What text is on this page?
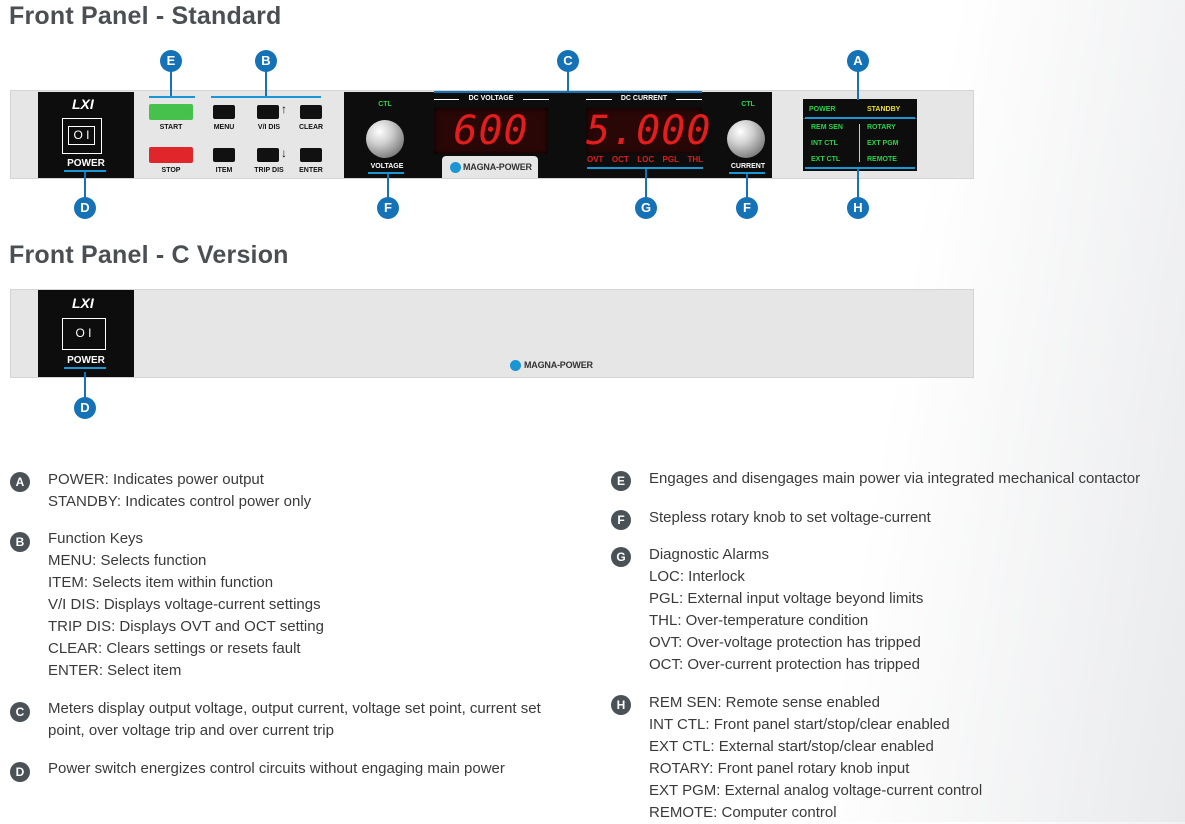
Front Panel - Standard
Front Panel - C Version
LXI
O I
POWER
START
STOP
MENU
↑
V/I DIS	CLEAR
ITEM
↓
TRIP DIS	ENTER
CTL
VOLTAGE
DC VOLTAGE
600
DC CURRENT
5.000
OVT OCT LOC PGL THL
MAGNA-POWER
CTL
CURRENT
POWER	STANDBY
REM SEN	ROTARY
INT CTL	EXT PGM
EXT CTL	REMOTE
E	B	C	A
D	F	G	F	H
LXI
O I
POWER	MAGNA-POWER
D
A	POWER: Indicates power output
STANDBY: Indicates control power only
B	Function Keys
MENU: Selects function
ITEM: Selects item within function
V/I DIS: Displays voltage-current settings
TRIP DIS: Displays OVT and OCT setting
CLEAR: Clears settings or resets fault
ENTER: Select item
C	Meters display output voltage, output current, voltage set point, current set
point, over voltage trip and over current trip
D	Power switch energizes control circuits without engaging main power
E	Engages and disengages main power via integrated mechanical contactor
F	Stepless rotary knob to set voltage-current
G	Diagnostic Alarms
LOC: Interlock
PGL: External input voltage beyond limits
THL: Over-temperature condition
OVT: Over-voltage protection has tripped
OCT: Over-current protection has tripped
H	REM SEN: Remote sense enabled
INT CTL: Front panel start/stop/clear enabled
EXT CTL: External start/stop/clear enabled
ROTARY: Front panel rotary knob input
EXT PGM: External analog voltage-current control
REMOTE: Computer control
